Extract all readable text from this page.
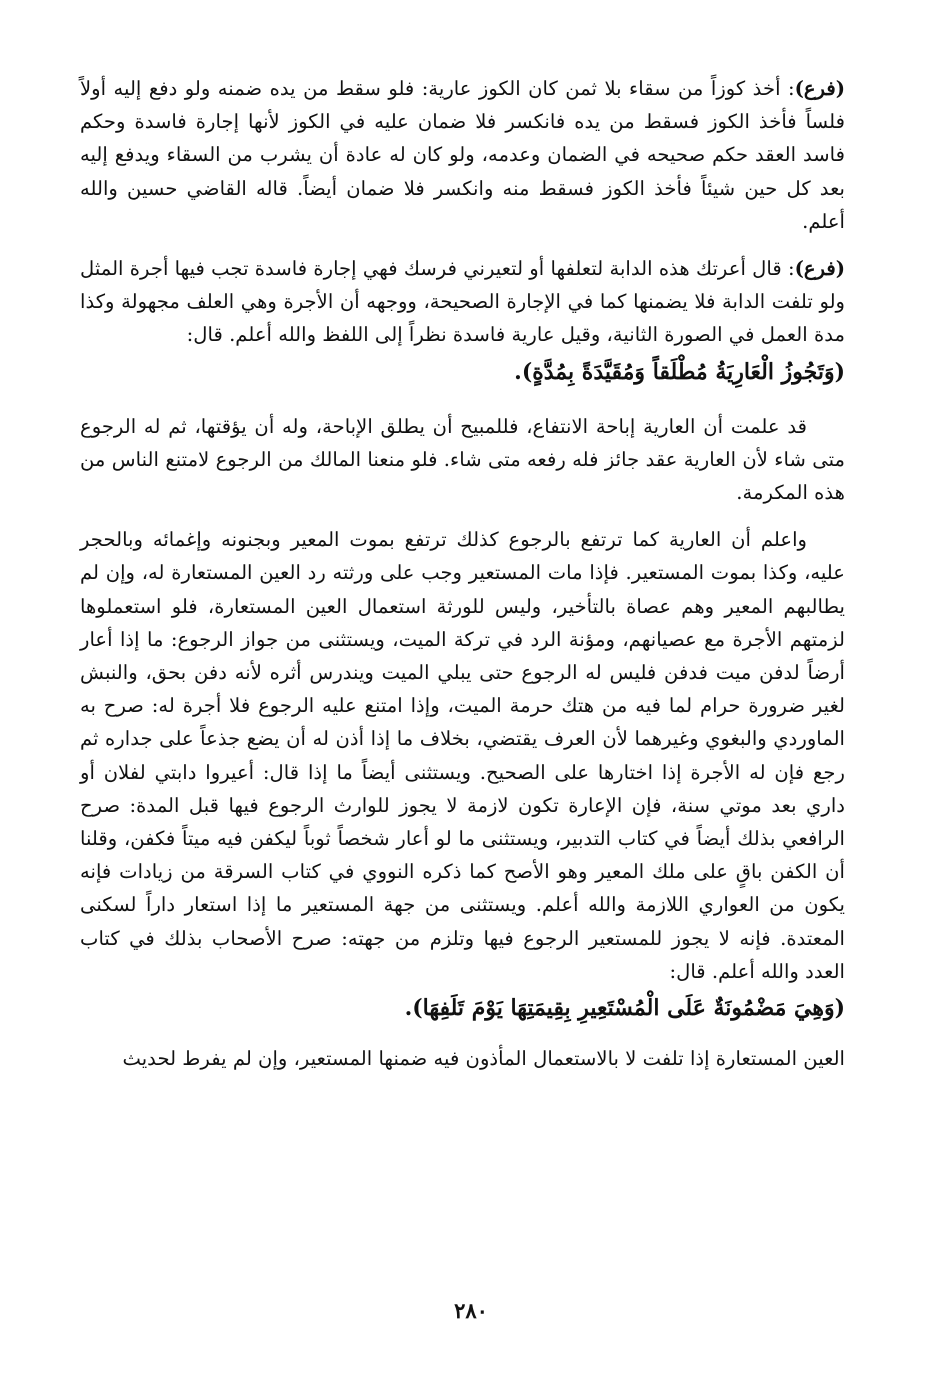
(فرع): أخذ كوزاً من سقاء بلا ثمن كان الكوز عارية: فلو سقط من يده ضمنه ولو دفع إليه أولاً فلساً فأخذ الكوز فسقط من يده فانكسر فلا ضمان عليه في الكوز لأنها إجارة فاسدة وحكم فاسد العقد حكم صحيحه في الضمان وعدمه، ولو كان له عادة أن يشرب من السقاء ويدفع إليه بعد كل حين شيئاً فأخذ الكوز فسقط منه وانكسر فلا ضمان أيضاً. قاله القاضي حسين والله أعلم.

(فرع): قال أعرتك هذه الدابة لتعلفها أو لتعيرني فرسك فهي إجارة فاسدة تجب فيها أجرة المثل ولو تلفت الدابة فلا يضمنها كما في الإجارة الصحيحة، ووجهه أن الأجرة وهي العلف مجهولة وكذا مدة العمل في الصورة الثانية، وقيل عارية فاسدة نظراً إلى اللفظ والله أعلم. قال:

(وَتَجُوزُ الْعَارِيَةُ مُطْلَقاً وَمُقَيَّدَةً بِمُدَّةٍ).

قد علمت أن العارية إباحة الانتفاع، فللمبيح أن يطلق الإباحة، وله أن يؤقتها، ثم له الرجوع متى شاء لأن العارية عقد جائز فله رفعه متى شاء. فلو منعنا المالك من الرجوع لامتنع الناس من هذه المكرمة.

واعلم أن العارية كما ترتفع بالرجوع كذلك ترتفع بموت المعير وبجنونه وإغمائه وبالحجر عليه، وكذا بموت المستعير. فإذا مات المستعير وجب على ورثته رد العين المستعارة له، وإن لم يطالبهم المعير وهم عصاة بالتأخير، وليس للورثة استعمال العين المستعارة، فلو استعملوها لزمتهم الأجرة مع عصيانهم، ومؤنة الرد في تركة الميت، ويستثنى من جواز الرجوع: ما إذا أعار أرضاً لدفن ميت فدفن فليس له الرجوع حتى يبلي الميت ويندرس أثره لأنه دفن بحق، والنبش لغير ضرورة حرام لما فيه من هتك حرمة الميت، وإذا امتنع عليه الرجوع فلا أجرة له: صرح به الماوردي والبغوي وغيرهما لأن العرف يقتضي، بخلاف ما إذا أذن له أن يضع جذعاً على جداره ثم رجع فإن له الأجرة إذا اختارها على الصحيح. ويستثنى أيضاً ما إذا قال: أعيروا دابتي لفلان أو داري بعد موتي سنة، فإن الإعارة تكون لازمة لا يجوز للوارث الرجوع فيها قبل المدة: صرح الرافعي بذلك أيضاً في كتاب التدبير، ويستثنى ما لو أعار شخصاً ثوباً ليكفن فيه ميتاً فكفن، وقلنا أن الكفن باقٍ على ملك المعير وهو الأصح كما ذكره النووي في كتاب السرقة من زيادات فإنه يكون من العواري اللازمة والله أعلم. ويستثنى من جهة المستعير ما إذا استعار داراً لسكنى المعتدة. فإنه لا يجوز للمستعير الرجوع فيها وتلزم من جهته: صرح الأصحاب بذلك في كتاب العدد والله أعلم. قال:

(وَهِيَ مَضْمُونَةٌ عَلَى الْمُسْتَعِيرِ بِقِيمَتِهَا يَوْمَ تَلَفِهَا).

العين المستعارة إذا تلفت لا بالاستعمال المأذون فيه ضمنها المستعير، وإن لم يفرط لحديث

٢٨٠
